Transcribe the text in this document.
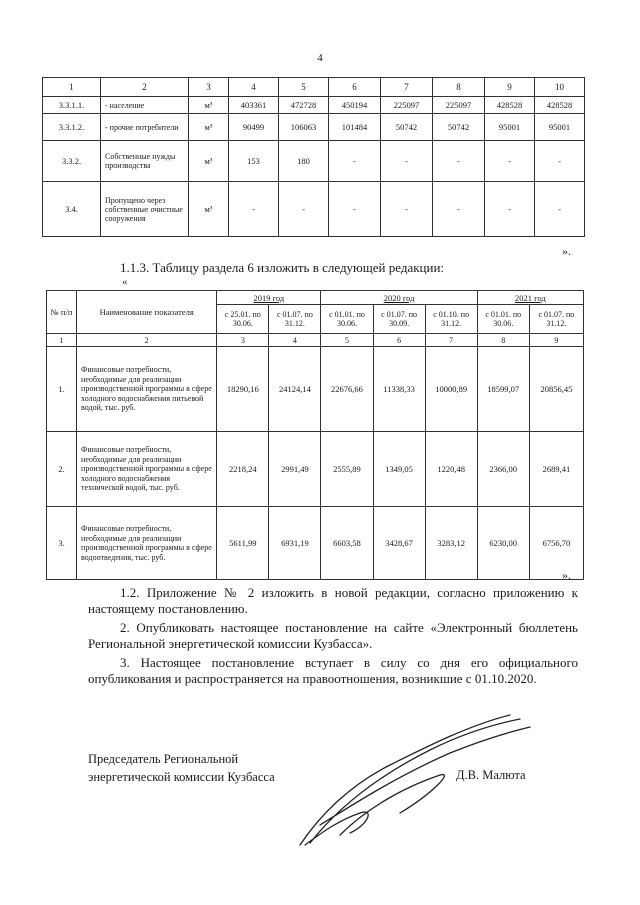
4
1	2	3	4	5	6	7	8	9	10
3.3.1.1.	- население	м³	403361	472728	450194	225097	225097	428528	428528
3.3.1.2.	- прочие потребители	м³	90499	106063	101484	50742	50742	95001	95001
3.3.2.	Собственные нужды производства	м³	153	180	-	-	-	-	-
3.4.	Пропущено через собственные очистные сооружения	м³	-	-	-	-	-	-	-
».
1.1.3. Таблицу раздела 6 изложить в следующей редакции:
«
№ п/п	Наименование показателя	2019 год		2020 год			2021 год	
		с 25.01. по 30.06.	с 01.07. по 31.12.	с 01.01. по 30.06.	с 01.07. по 30.09.	с 01.10. по 31.12.	с 01.01. по 30.06.	с 01.07. по 31.12.
1	2	3	4	5	6	7	8	9
1.	Финансовые потребности, необходимые для реализации производственной программы в сфере холодного водоснабжения питьевой водой, тыс. руб.	18290,16	24124,14	22676,66	11338,33	10000,89	18599,07	20856,45
2.	Финансовые потребности, необходимые для реализации производственной программы в сфере холодного водоснабжения технической водой, тыс. руб.	2218,24	2991,49	2555,89	1349,05	1220,48	2366,00	2689,41
3.	Финансовые потребности, необходимые для реализации производственной программы в сфере водоотведения, тыс. руб.	5611,99	6931,19	6603,58	3428,67	3283,12	6230,00	6756,70
».
1.2. Приложение № 2 изложить в новой редакции, согласно приложению к настоящему постановлению.
2. Опубликовать настоящее постановление на сайте «Электронный бюллетень Региональной энергетической комиссии Кузбасса».
3. Настоящее постановление вступает в силу со дня его официального опубликования и распространяется на правоотношения, возникшие с 01.10.2020.
Председатель Региональной
энергетической комиссии Кузбасса	Д.В. Малюта
